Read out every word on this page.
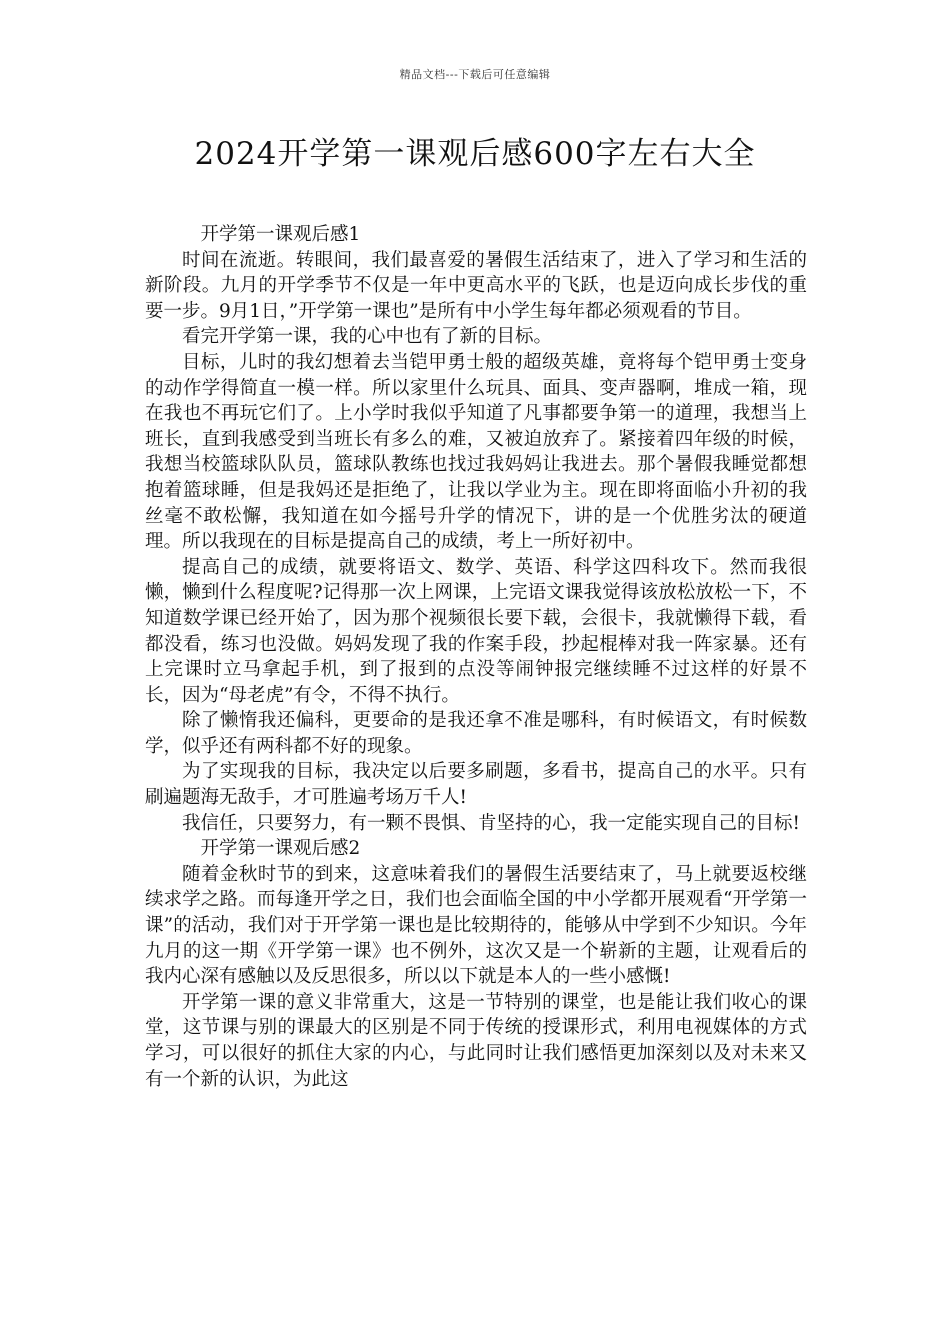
精品文档---下载后可任意编辑
2024开学第一课观后感600字左右大全

开学第一课观后感1

时间在流逝。转眼间，我们最喜爱的暑假生活结束了，进入了学习和生活的新阶段。九月的开学季节不仅是一年中更高水平的飞跃，也是迈向成长步伐的重要一步。9月1日，”开学第一课也”是所有中小学生每年都必须观看的节目。

看完开学第一课，我的心中也有了新的目标。

目标，儿时的我幻想着去当铠甲勇士般的超级英雄，竟将每个铠甲勇士变身的动作学得简直一模一样。所以家里什么玩具、面具、变声器啊，堆成一箱，现在我也不再玩它们了。上小学时我似乎知道了凡事都要争第一的道理，我想当上班长，直到我感受到当班长有多么的难，又被迫放弃了。紧接着四年级的时候，我想当校篮球队队员，篮球队教练也找过我妈妈让我进去。那个暑假我睡觉都想抱着篮球睡，但是我妈还是拒绝了，让我以学业为主。现在即将面临小升初的我丝毫不敢松懈，我知道在如今摇号升学的情况下，讲的是一个优胜劣汰的硬道理。所以我现在的目标是提高自己的成绩，考上一所好初中。

提高自己的成绩，就要将语文、数学、英语、科学这四科攻下。然而我很懒，懒到什么程度呢?记得那一次上网课，上完语文课我觉得该放松放松一下，不知道数学课已经开始了，因为那个视频很长要下载，会很卡，我就懒得下载，看都没看，练习也没做。妈妈发现了我的作案手段，抄起棍棒对我一阵家暴。还有上完课时立马拿起手机，到了报到的点没等闹钟报完继续睡不过这样的好景不长，因为“母老虎”有令，不得不执行。

除了懒惰我还偏科，更要命的是我还拿不准是哪科，有时候语文，有时候数学，似乎还有两科都不好的现象。

为了实现我的目标，我决定以后要多刷题，多看书，提高自己的水平。只有刷遍题海无敌手，才可胜遍考场万千人!

我信任，只要努力，有一颗不畏惧、肯坚持的心，我一定能实现自己的目标!

开学第一课观后感2

随着金秋时节的到来，这意味着我们的暑假生活要结束了，马上就要返校继续求学之路。而每逢开学之日，我们也会面临全国的中小学都开展观看“开学第一课”的活动，我们对于开学第一课也是比较期待的，能够从中学到不少知识。今年九月的这一期《开学第一课》也不例外，这次又是一个崭新的主题，让观看后的我内心深有感触以及反思很多，所以以下就是本人的一些小感慨!

开学第一课的意义非常重大，这是一节特别的课堂，也是能让我们收心的课堂，这节课与别的课最大的区别是不同于传统的授课形式，利用电视媒体的方式学习，可以很好的抓住大家的内心，与此同时让我们感悟更加深刻以及对未来又有一个新的认识，为此这
